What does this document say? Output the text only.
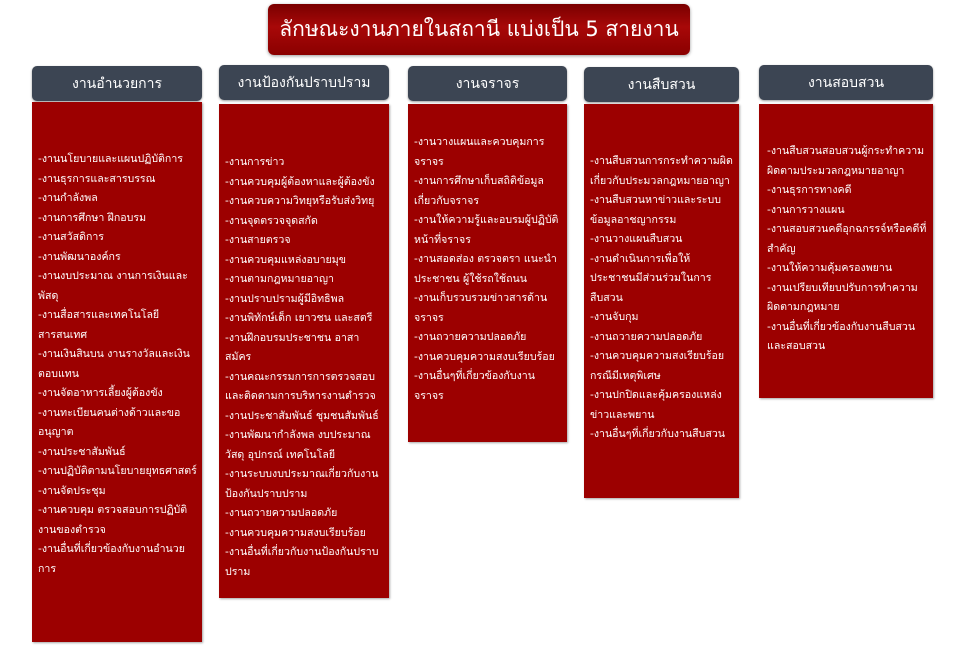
ลักษณะงานภายในสถานี แบ่งเป็น 5 สายงาน
งานอำนวยการ
-งานนโยบายและแผนปฏิบัติการ
-งานธุรการและสารบรรณ
-งานกำลังพล
-งานการศึกษา ฝึกอบรม
-งานสวัสดิการ
-งานพัฒนาองค์กร
-งานงบประมาณ งานการเงินและพัสดุ
-งานสื่อสารและเทคโนโลยีสารสนเทศ
-งานเงินสินบน งานรางวัลและเงินตอบแทน
-งานจัดอาหารเลี้ยงผู้ต้องขัง
-งานทะเบียนคนต่างด้าวและขออนุญาต
-งานประชาสัมพันธ์
-งานปฏิบัติตามนโยบายยุทธศาสตร์
-งานจัดประชุม
-งานควบคุม ตรวจสอบการปฏิบัติงานของตำรวจ
-งานอื่นที่เกี่ยวข้องกับงานอำนวยการ
งานป้องกันปราบปราม
-งานการข่าว
-งานควบคุมผู้ต้องหาและผู้ต้องขัง
-งานควบความวิทยุหรือรับส่งวิทยุ
-งานจุดตรวจจุดสกัด
-งานสายตรวจ
-งานควบคุมแหล่งอบายมุข
-งานตามกฎหมายอาญา
-งานปราบปรามผู้มีอิทธิพล
-งานพิทักษ์เด็ก เยาวชน และสตรี
-งานฝึกอบรมประชาชน อาสาสมัคร
-งานคณะกรรมการการตรวจสอบและติดตามการบริหารงานตำรวจ
-งานประชาสัมพันธ์ ชุมชนสัมพันธ์
-งานพัฒนากำลังพล งบประมาณ วัสดุ อุปกรณ์ เทคโนโลยี
-งานระบบงบประมาณเกี่ยวกับงานป้องกันปราบปราม
-งานถวายความปลอดภัย
-งานควบคุมความสงบเรียบร้อย
-งานอื่นที่เกี่ยวกับงานป้องกันปราบปราม
งานจราจร
-งานวางแผนและควบคุมการจราจร
-งานการศึกษาเก็บสถิติข้อมูลเกี่ยวกับจราจร
-งานให้ความรู้และอบรมผู้ปฏิบัติหน้าที่จราจร
-งานสอดส่อง ตรวจตรา แนะนำประชาชน ผู้ใช้รถใช้ถนน
-งานเก็บรวบรวมข่าวสารด้านจราจร
-งานถวายความปลอดภัย
-งานควบคุมความสงบเรียบร้อย
-งานอื่นๆที่เกี่ยวข้องกับงานจราจร
งานสืบสวน
-งานสืบสวนการกระทำความผิดเกี่ยวกับประมวลกฎหมายอาญา
-งานสืบสวนหาข่าวและระบบข้อมูลอาชญากรรม
-งานวางแผนสืบสวน
-งานดำเนินการเพื่อให้ประชาชนมีส่วนร่วมในการสืบสวน
-งานจับกุม
-งานถวายความปลอดภัย
-งานควบคุมความสงเรียบร้อยกรณีมีเหตุพิเศษ
-งานปกปิดและคุ้มครองแหล่งข่าวและพยาน
-งานอื่นๆที่เกี่ยวกับงานสืบสวน
งานสอบสวน
-งานสืบสวนสอบสวนผู้กระทำความผิดตามประมวลกฎหมายอาญา
-งานธุรการทางคดี
-งานการวางแผน
-งานสอบสวนคดีอุกฉกรรจ์หรือคดีที่สำคัญ
-งานให้ความคุ้มครองพยาน
-งานเปรียบเทียบปรับการทำความผิดตามกฎหมาย
-งานอื่นที่เกี่ยวข้องกับงานสืบสวนและสอบสวน
